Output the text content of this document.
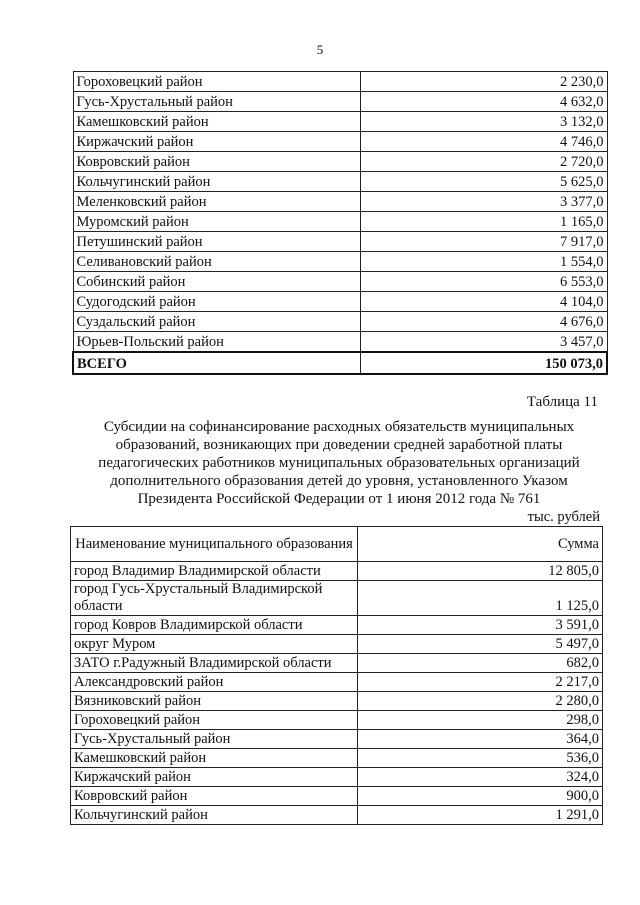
5
Гороховецкий район	2 230,0
Гусь-Хрустальный район	4 632,0
Камешковский район	3 132,0
Киржачский район	4 746,0
Ковровский район	2 720,0
Кольчугинский район	5 625,0
Меленковский район	3 377,0
Муромский район	1 165,0
Петушинский район	7 917,0
Селивановский район	1 554,0
Собинский район	6 553,0
Судогодский район	4 104,0
Суздальский район	4 676,0
Юрьев-Польский район	3 457,0
ВСЕГО	150 073,0
Таблица 11
Субсидии на софинансирование расходных обязательств муниципальных образований, возникающих при доведении средней заработной платы педагогических работников муниципальных образовательных организаций дополнительного образования детей до уровня, установленного Указом Президента Российской Федерации от 1 июня 2012 года № 761
тыс. рублей
Наименование муниципального образования	Сумма
город Владимир Владимирской области	12 805,0
город Гусь-Хрустальный Владимирской области	1 125,0
город Ковров Владимирской области	3 591,0
округ Муром	5 497,0
ЗАТО г.Радужный Владимирской области	682,0
Александровский район	2 217,0
Вязниковский район	2 280,0
Гороховецкий район	298,0
Гусь-Хрустальный район	364,0
Камешковский район	536,0
Киржачский район	324,0
Ковровский район	900,0
Кольчугинский район	1 291,0
